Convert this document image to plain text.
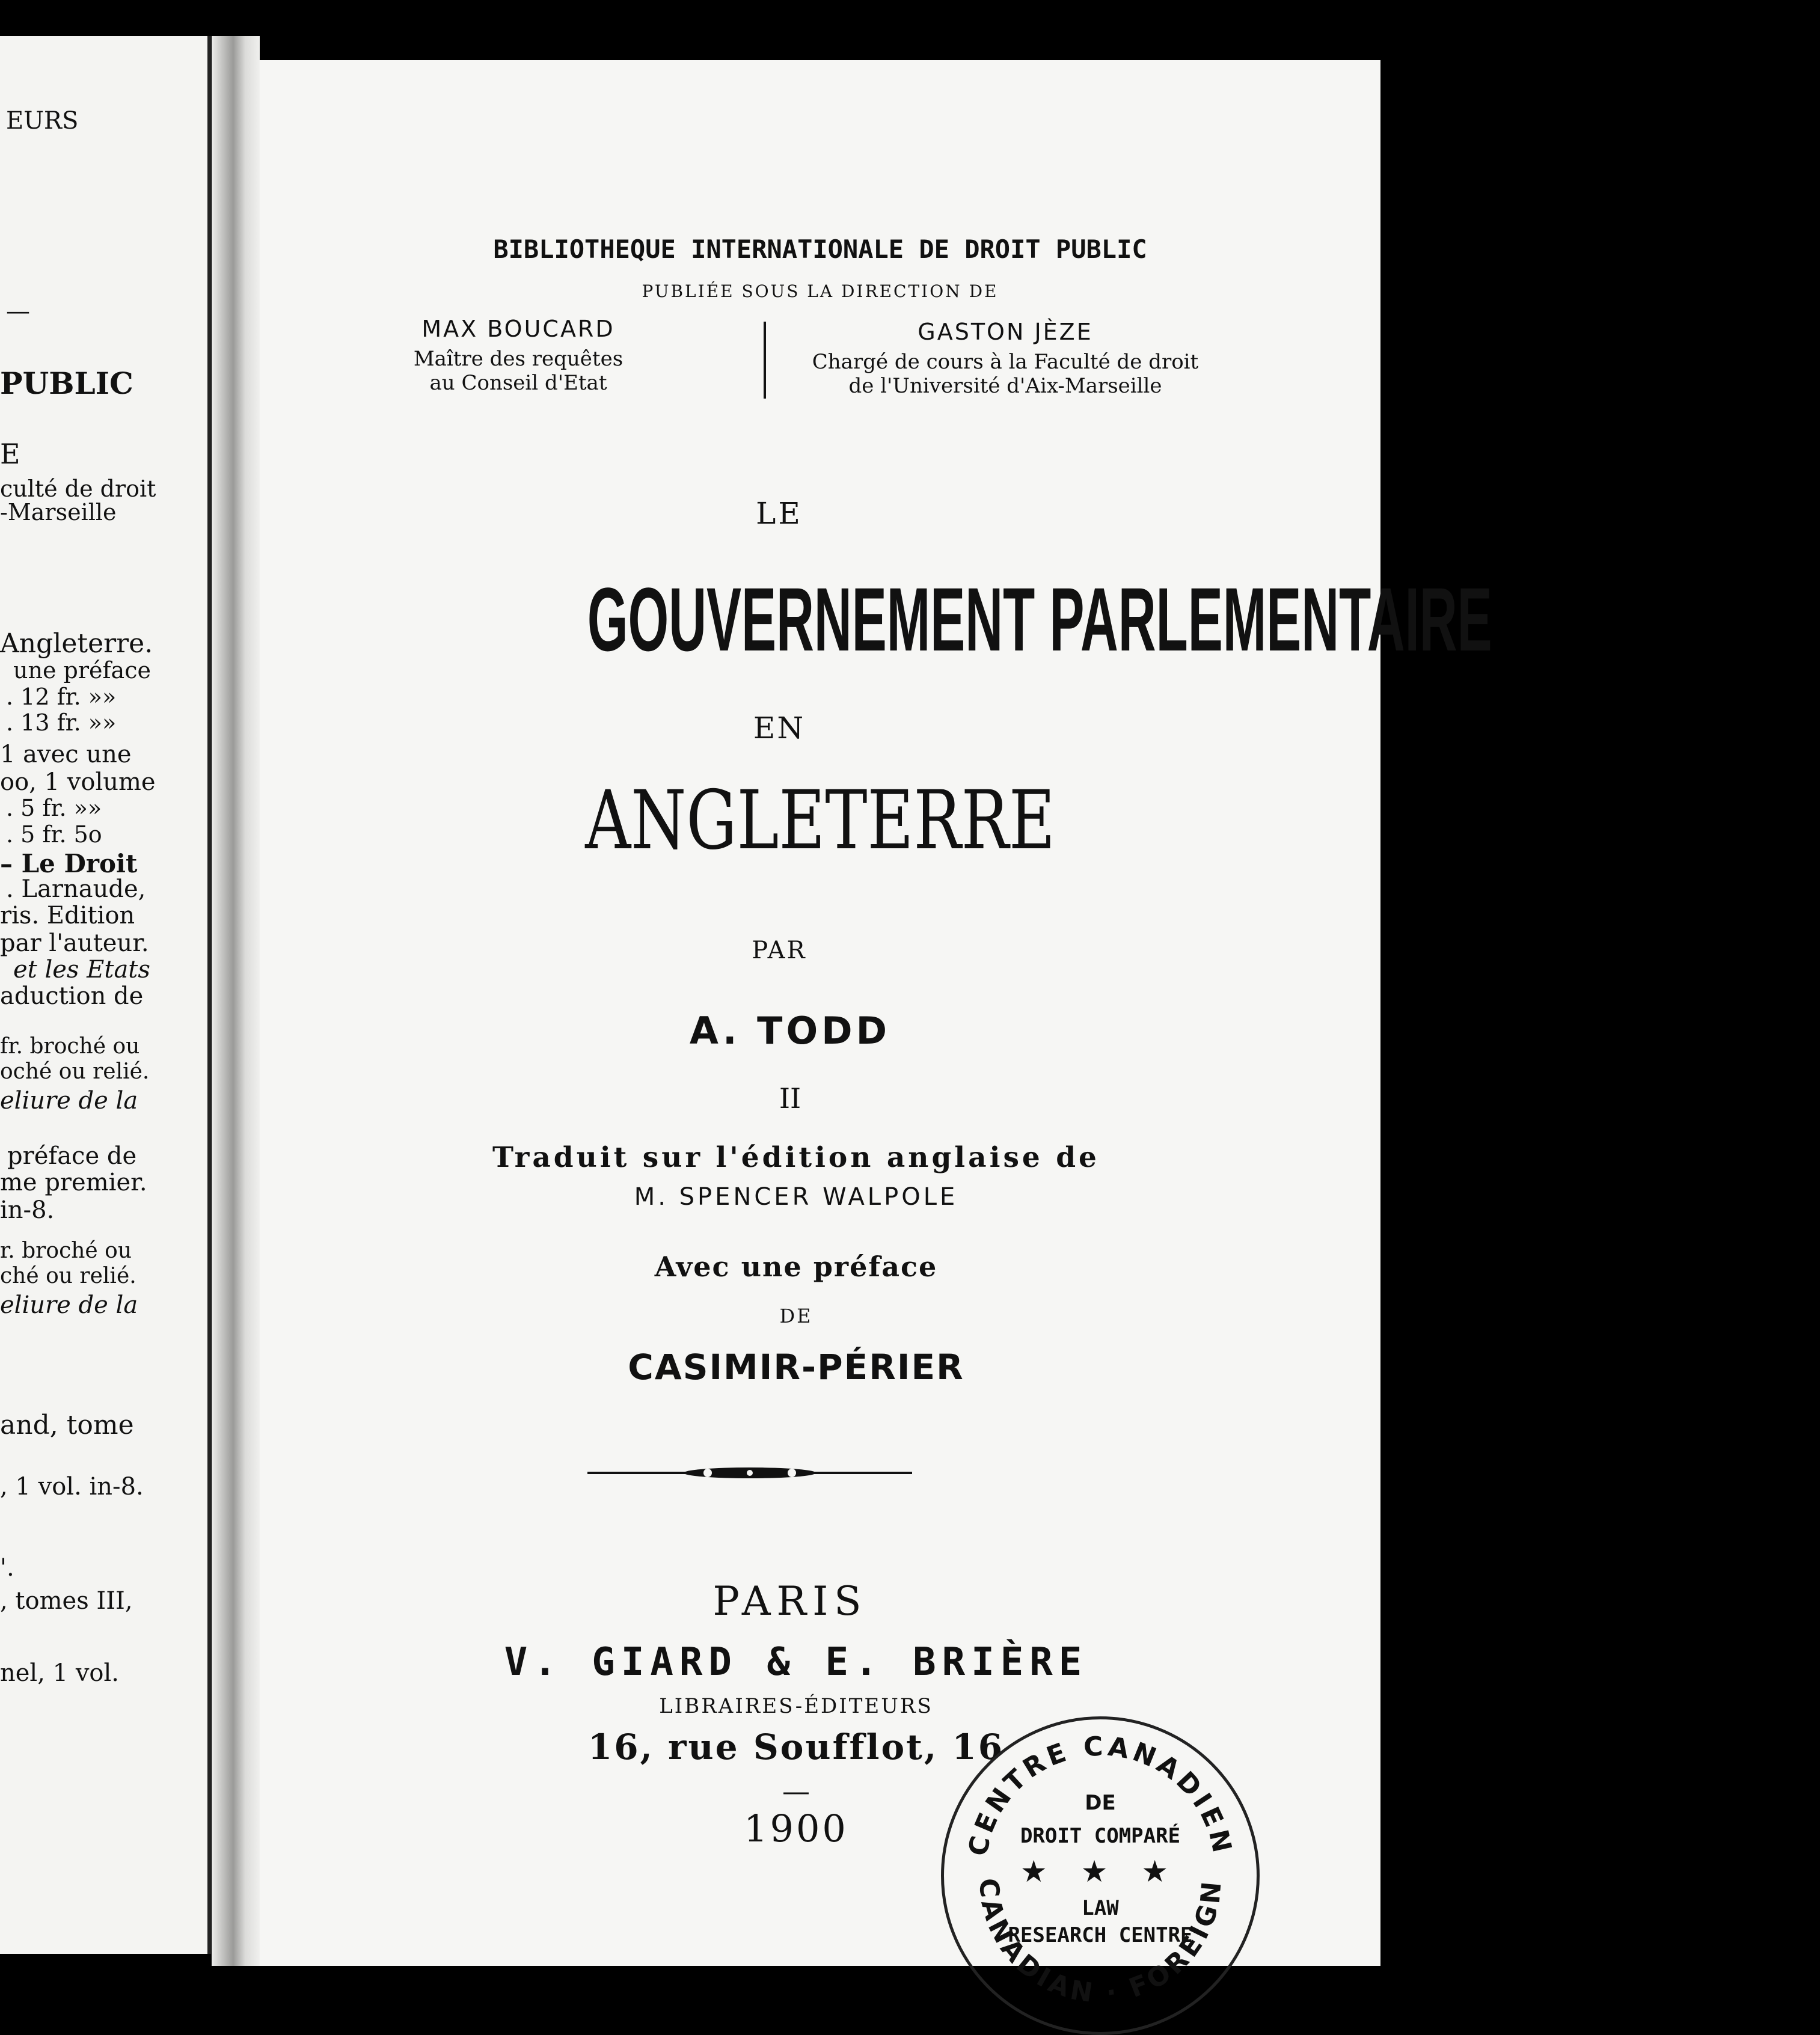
EURS
—
PUBLIC
E
culté de droit
-Marseille
Angleterre.
une préface
. 12 fr. »»
. 13 fr. »»
1 avec une
oo, 1 volume
. 5 fr. »»
. 5 fr. 5o
– Le Droit
. Larnaude,
ris. Edition
par l'auteur.
et les Etats
aduction de
fr. broché ou
oché ou relié.
eliure de la
préface de
me premier.
in-8.
r. broché ou
ché ou relié.
eliure de la
and, tome
, 1 vol. in-8.
'.
, tomes III,
nel, 1 vol.
BIBLIOTHEQUE INTERNATIONALE DE DROIT PUBLIC
PUBLIÉE SOUS LA DIRECTION DE
MAX BOUCARD
Maître des requêtes
au Conseil d'Etat
GASTON JÈZE
Chargé de cours à la Faculté de droit
de l'Université d'Aix-Marseille
LE
GOUVERNEMENT PARLEMENTAIRE
EN
ANGLETERRE
PAR
A. TODD
II
Traduit sur l'édition anglaise de
M. SPENCER WALPOLE
Avec une préface
DE
CASIMIR-PÉRIER
PARIS
V. GIARD & E. BRIÈRE
LIBRAIRES-ÉDITEURS
16, rue Soufflot, 16
—
1900	CENTRE CANADIEN
CANADIAN · FOREIGN
DE
DROIT COMPARÉ
★ ★ ★
LAW
RESEARCH CENTRE
